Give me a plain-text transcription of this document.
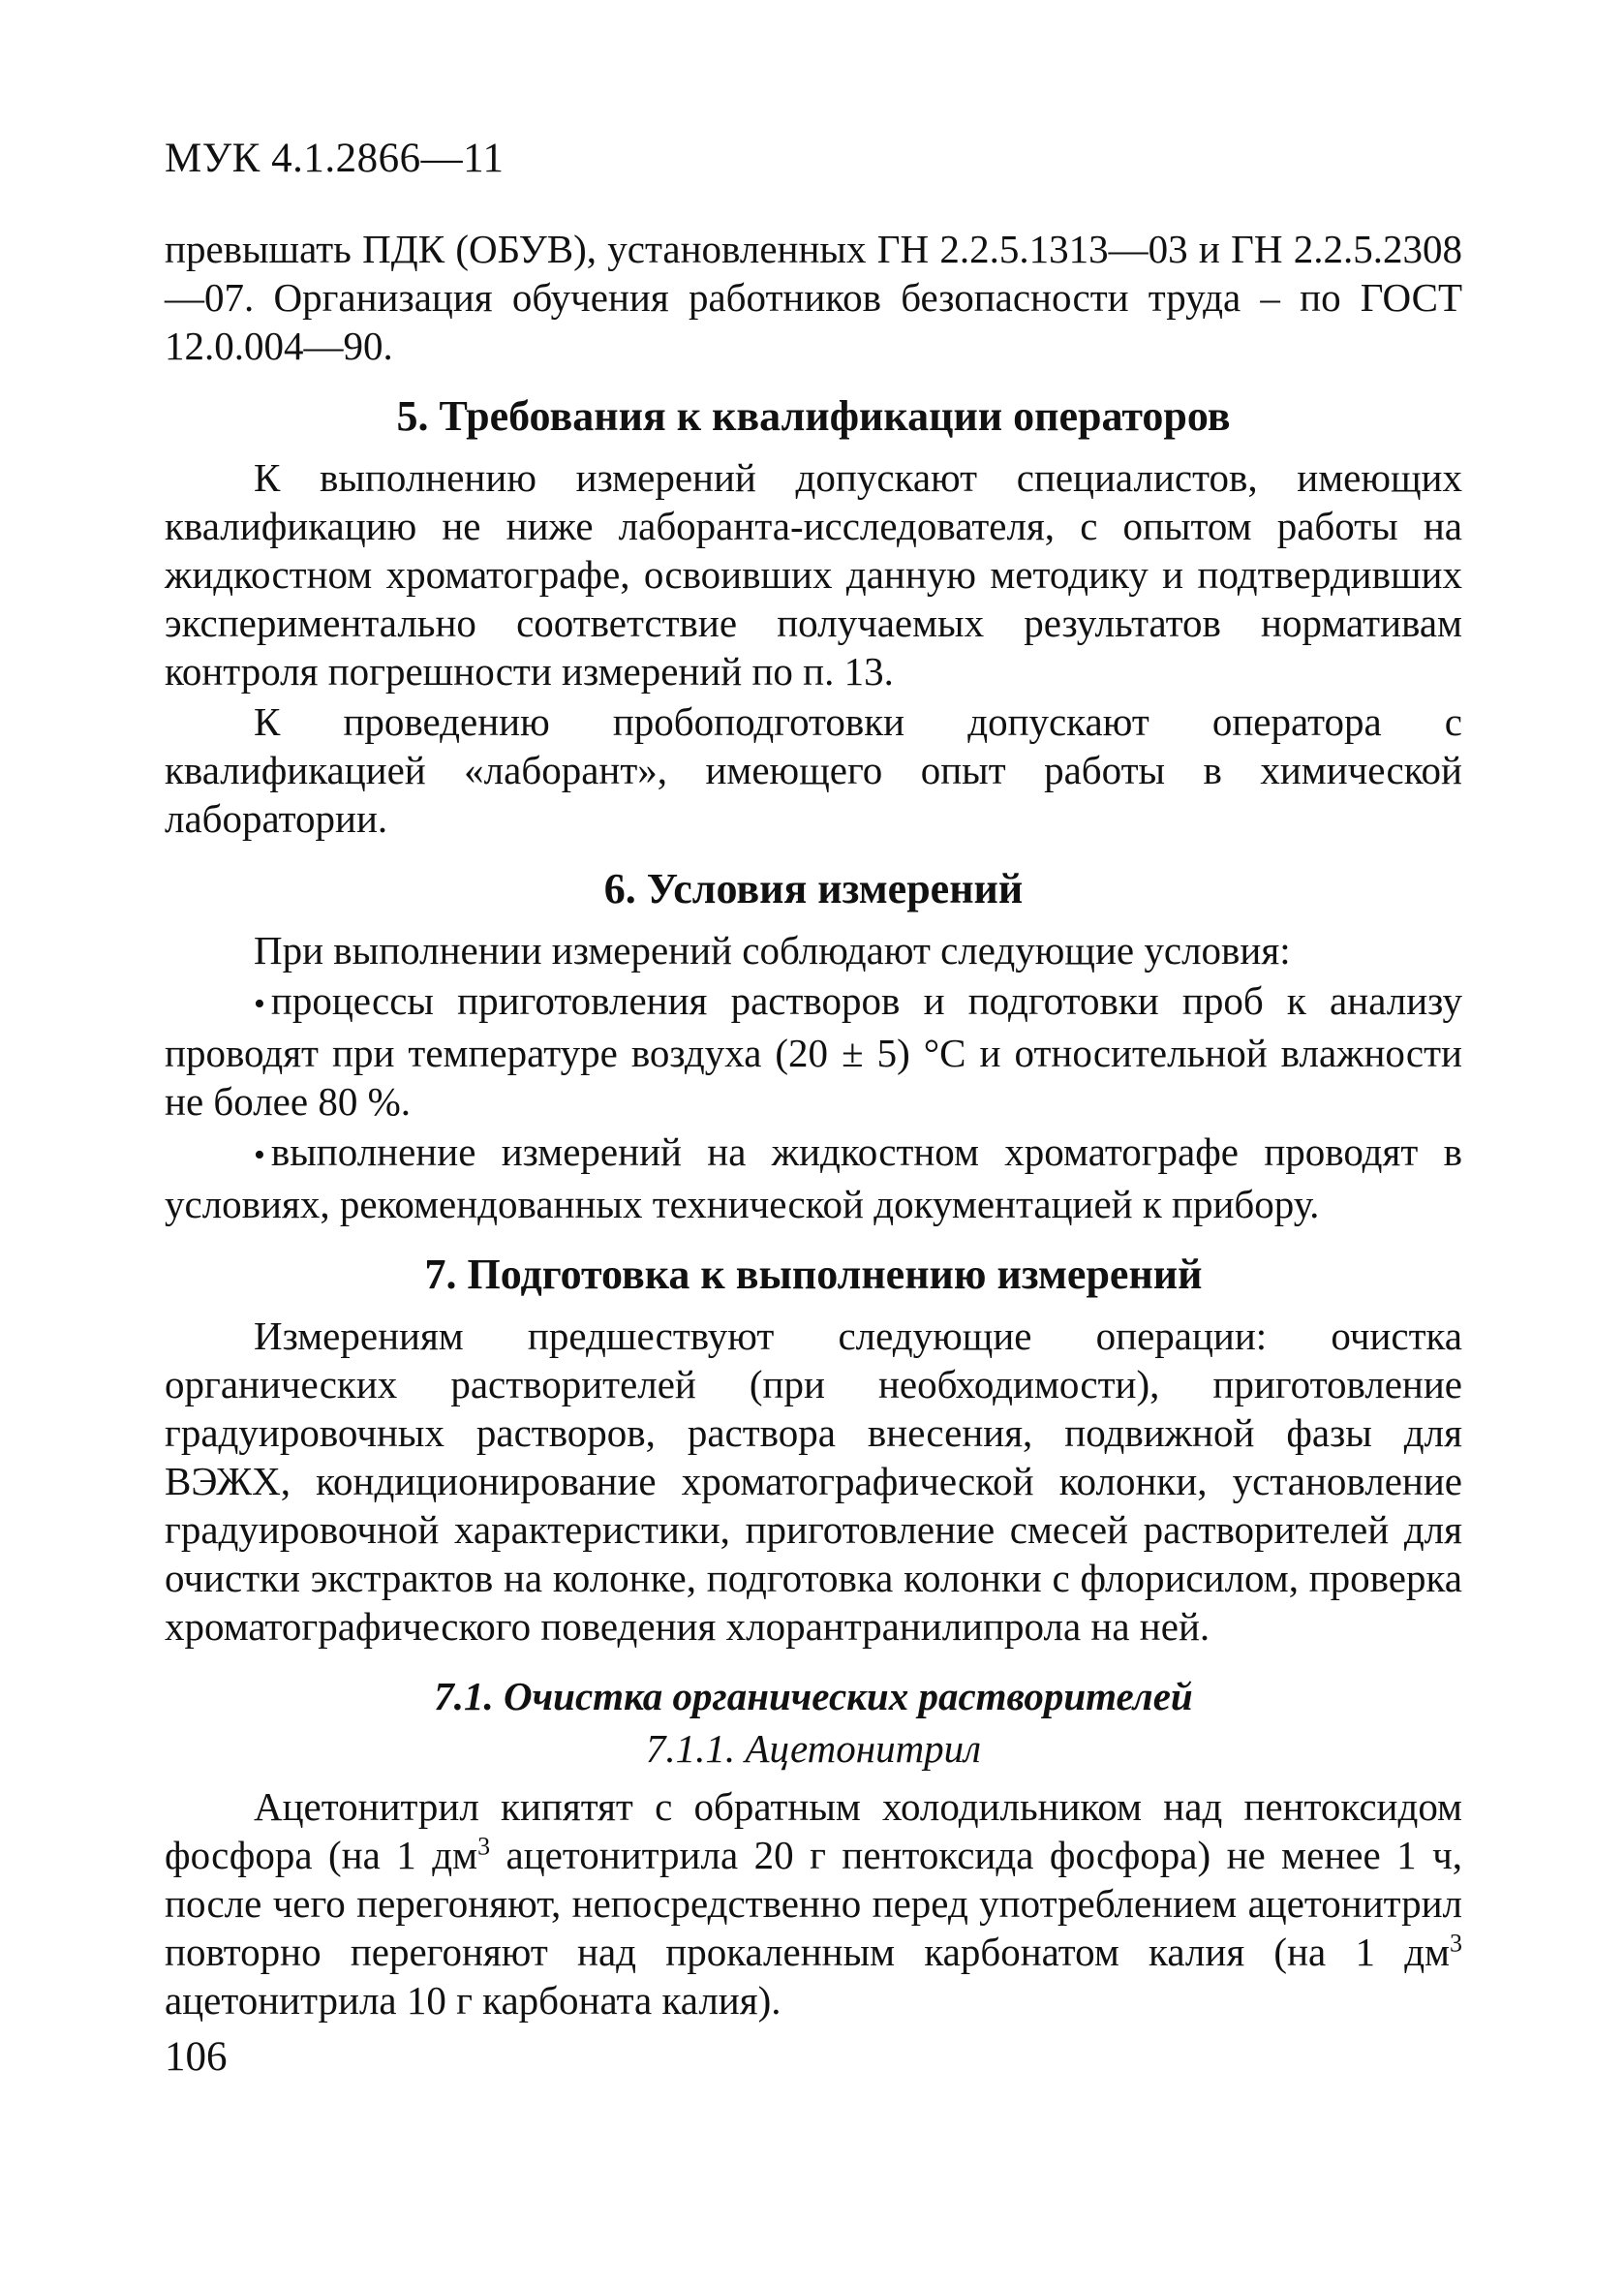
МУК 4.1.2866—11

превышать ПДК (ОБУВ), установленных ГН 2.2.5.1313—03 и ГН 2.2.5.2308—07. Организация обучения работников безопасности труда – по ГОСТ 12.0.004—90.

5. Требования к квалификации операторов

К выполнению измерений допускают специалистов, имеющих квалификацию не ниже лаборанта-исследователя, с опытом работы на жидкостном хроматографе, освоивших данную методику и подтвердивших экспериментально соответствие получаемых результатов нормативам контроля погрешности измерений по п. 13.

К проведению пробоподготовки допускают оператора с квалификацией «лаборант», имеющего опыт работы в химической лаборатории.

6. Условия измерений

При выполнении измерений соблюдают следующие условия:

• процессы приготовления растворов и подготовки проб к анализу проводят при температуре воздуха (20 ± 5) °С и относительной влажности не более 80 %.

• выполнение измерений на жидкостном хроматографе проводят в условиях, рекомендованных технической документацией к прибору.

7. Подготовка к выполнению измерений

Измерениям предшествуют следующие операции: очистка органических растворителей (при необходимости), приготовление градуировочных растворов, раствора внесения, подвижной фазы для ВЭЖХ, кондиционирование хроматографической колонки, установление градуировочной характеристики, приготовление смесей растворителей для очистки экстрактов на колонке, подготовка колонки с флорисилом, проверка хроматографического поведения хлорантранилипрола на ней.

7.1. Очистка органических растворителей
7.1.1. Ацетонитрил

Ацетонитрил кипятят с обратным холодильником над пентоксидом фосфора (на 1 $дм^3$ ацетонитрила 20 г пентоксида фосфора) не менее 1 ч, после чего перегоняют, непосредственно перед употреблением ацетонитрил повторно перегоняют над прокаленным карбонатом калия (на 1 $дм^3$ ацетонитрила 10 г карбоната калия).

106
